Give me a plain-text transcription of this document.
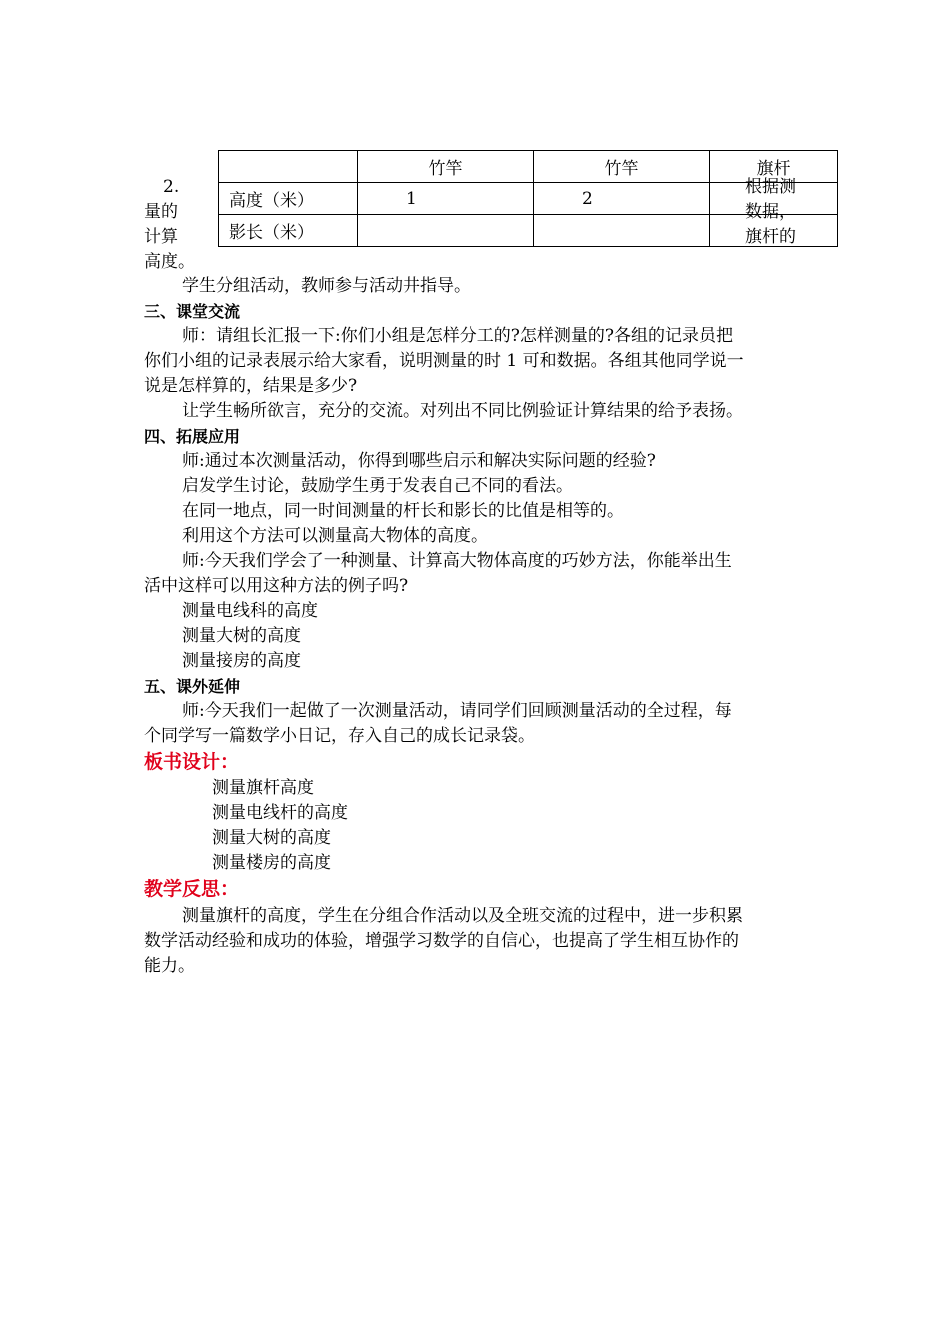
2.
量的
计算
高度。
根据测
数据，
旗杆的
	竹竿	竹竿	旗杆
高度（米）	1	2	
影长（米）			
学生分组活动，教师参与活动井指导。
三、课堂交流
师：请组长汇报一下:你们小组是怎样分工的?怎样测量的?各组的记录员把
你们小组的记录表展示给大家看，说明测量的时 1 可和数据。各组其他同学说一
说是怎样算的，结果是多少?
让学生畅所欲言，充分的交流。对列出不同比例验证计算结果的给予表扬。
四、拓展应用
师:通过本次测量活动，你得到哪些启示和解决实际问题的经验?
启发学生讨论，鼓励学生勇于发表自己不同的看法。
在同一地点，同一时间测量的杆长和影长的比值是相等的。
利用这个方法可以测量高大物体的高度。
师:今天我们学会了一种测量、计算高大物体高度的巧妙方法，你能举出生
活中这样可以用这种方法的例子吗?
测量电线科的高度
测量大树的高度
测量接房的高度
五、课外延伸
师:今天我们一起做了一次测量活动，请同学们回顾测量活动的全过程，每
个同学写一篇数学小日记，存入自己的成长记录袋。
板书设计：
测量旗杆高度
测量电线杆的高度
测量大树的高度
测量楼房的高度
教学反思：
测量旗杆的高度，学生在分组合作活动以及全班交流的过程中，进一步积累
数学活动经验和成功的体验，增强学习数学的自信心，也提高了学生相互协作的
能力。
